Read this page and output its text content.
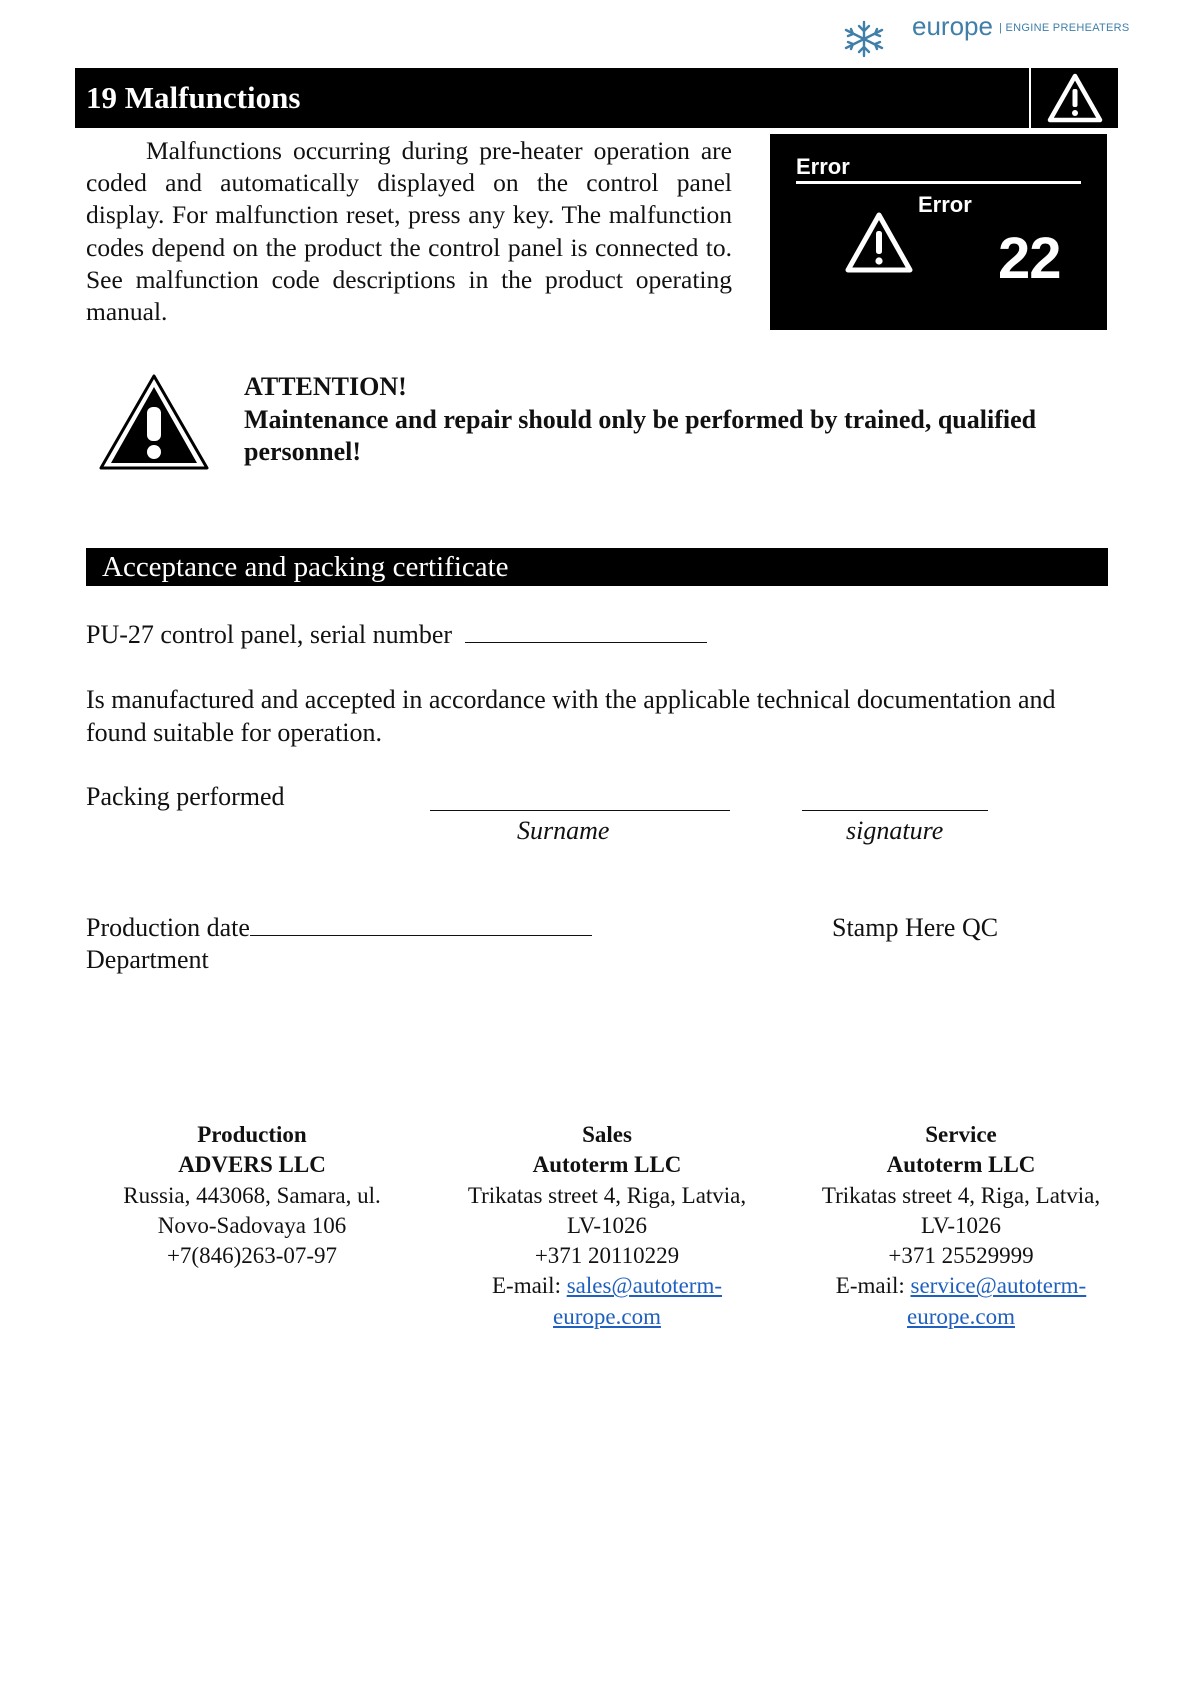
europe | ENGINE PREHEATERS
19 Malfunctions
Malfunctions occurring during pre-heater operation are coded and automatically displayed on the control panel display. For malfunction reset, press any key. The malfunction codes depend on the product the control panel is connected to. See malfunction code descriptions in the product operating manual.
Error
Error
22
ATTENTION!
Maintenance and repair should only be performed by trained, qualified personnel!
Acceptance and packing certificate
PU-27 control panel, serial number
Is manufactured and accepted in accordance with the applicable technical documentation and found suitable for operation.
Packing performed
Surname	signature
Production date	Stamp Here QC
Department
Production
ADVERS LLC
Russia, 443068, Samara, ul.
Novo-Sadovaya 106
+7(846)263-07-97
Sales
Autoterm LLC
Trikatas street 4, Riga, Latvia,
LV-1026
+371 20110229
E-mail: sales@autoterm-
europe.com
Service
Autoterm LLC
Trikatas street 4, Riga, Latvia,
LV-1026
+371 25529999
E-mail: service@autoterm-
europe.com
